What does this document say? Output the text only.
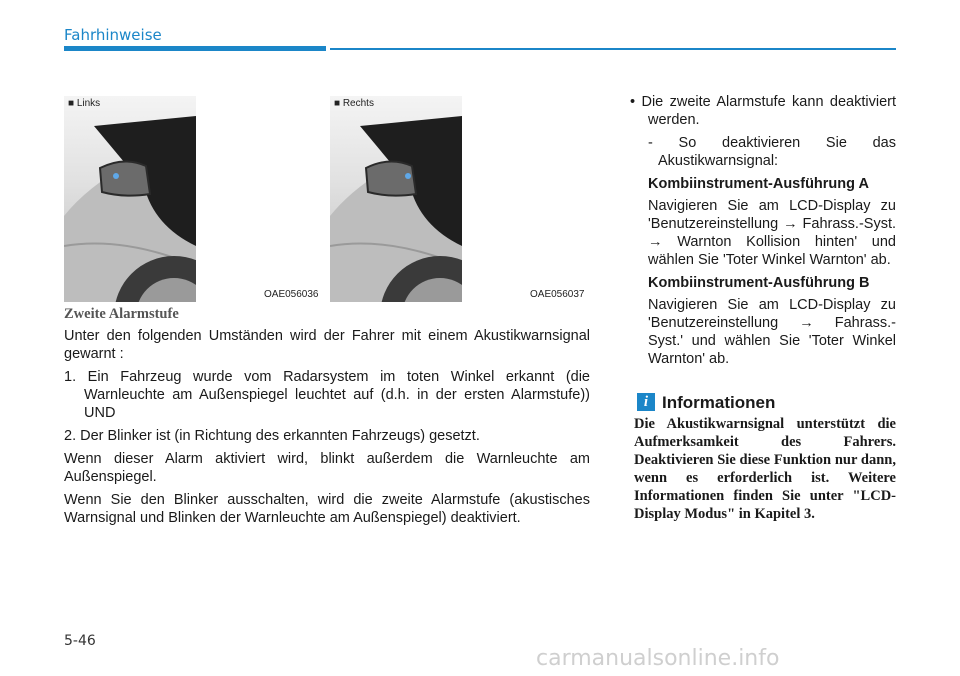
Fahrhinweise
■ Links
OAE056036
■ Rechts
OAE056037
Zweite Alarmstufe
Unter den folgenden Umständen wird der Fahrer mit einem Akustikwarnsignal gewarnt :
1. Ein Fahrzeug wurde vom Radarsystem im toten Winkel erkannt (die Warnleuchte am Außenspiegel leuchtet auf (d.h. in der ersten Alarmstufe)) UND
2. Der Blinker ist (in Richtung des erkannten Fahrzeugs) gesetzt.
Wenn dieser Alarm aktiviert wird, blinkt außerdem die Warnleuchte am Außenspiegel.
Wenn Sie den Blinker ausschalten, wird die zweite Alarmstufe (akustisches Warnsignal und Blinken der Warnleuchte am Außenspiegel) deaktiviert.
• Die zweite Alarmstufe kann deaktiviert werden.
- So deaktivieren Sie das Akustikwarnsignal:
Kombiinstrument-Ausführung A
Navigieren Sie am LCD-Display zu 'Benutzereinstellung → Fahrass.-Syst. → Warnton Kollision hinten' und wählen Sie 'Toter Winkel Warnton' ab.
Kombiinstrument-Ausführung B
Navigieren Sie am LCD-Display zu 'Benutzereinstellung → Fahrass.-Syst.' und wählen Sie 'Toter Winkel Warnton' ab.
i Informationen
Die Akustikwarnsignal unterstützt die Aufmerksamkeit des Fahrers. Deaktivieren Sie diese Funktion nur dann, wenn es erforderlich ist. Weitere Informationen finden Sie unter "LCD-Display Modus" in Kapitel 3.
5-46
carmanualsonline.info
